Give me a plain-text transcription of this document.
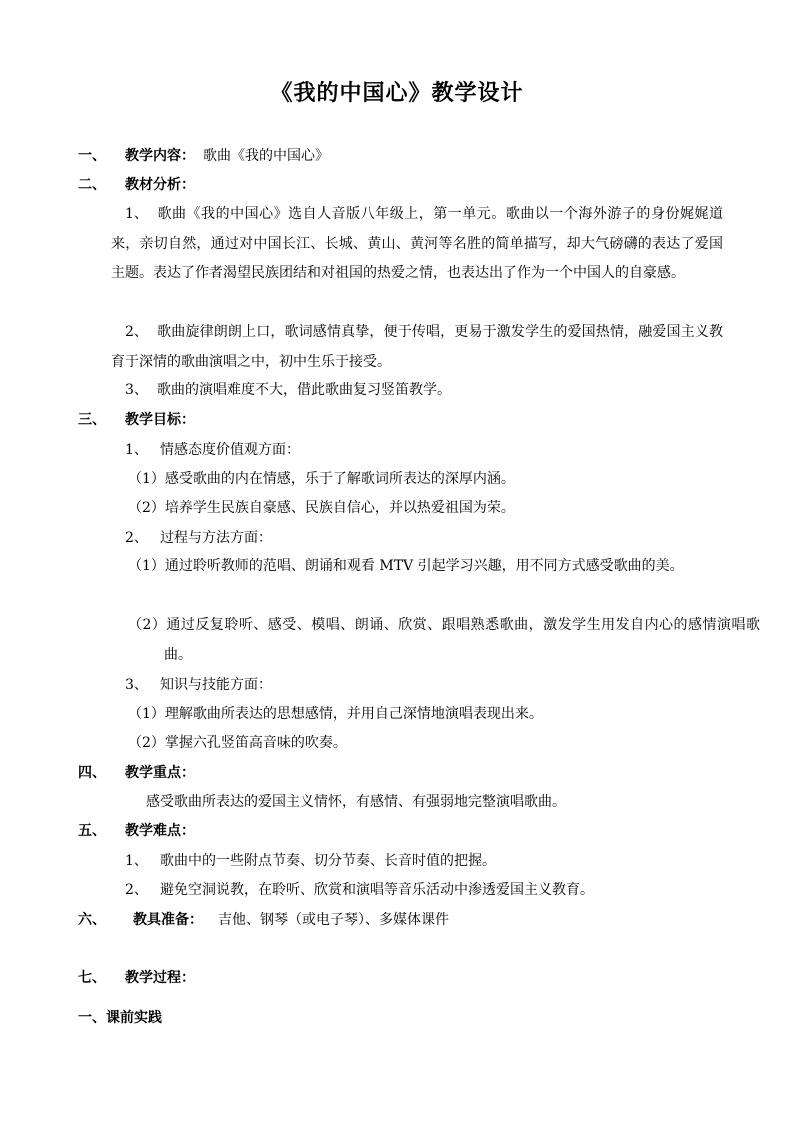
《我的中国心》教学设计
一、 教学内容： 歌曲《我的中国心》
二、 教材分析：
1、 歌曲《我的中国心》选自人音版八年级上，第一单元。歌曲以一个海外游子的身份娓娓道来，亲切自然，通过对中国长江、长城、黄山、黄河等名胜的简单描写，却大气磅礴的表达了爱国主题。表达了作者渴望民族团结和对祖国的热爱之情，也表达出了作为一个中国人的自豪感。
2、 歌曲旋律朗朗上口，歌词感情真挚，便于传唱，更易于激发学生的爱国热情，融爱国主义教育于深情的歌曲演唱之中，初中生乐于接受。
3、 歌曲的演唱难度不大，借此歌曲复习竖笛教学。
三、 教学目标：
1、 情感态度价值观方面：
（1）感受歌曲的内在情感，乐于了解歌词所表达的深厚内涵。
（2）培养学生民族自豪感、民族自信心，并以热爱祖国为荣。
2、 过程与方法方面：
（1）通过聆听教师的范唱、朗诵和观看 MTV 引起学习兴趣，用不同方式感受歌曲的美。
（2）通过反复聆听、感受、模唱、朗诵、欣赏、跟唱熟悉歌曲，激发学生用发自内心的感情演唱歌曲。
3、 知识与技能方面：
（1）理解歌曲所表达的思想感情，并用自己深情地演唱表现出来。
（2）掌握六孔竖笛高音味的吹奏。
四、 教学重点：
感受歌曲所表达的爱国主义情怀，有感情、有强弱地完整演唱歌曲。
五、 教学难点：
1、 歌曲中的一些附点节奏、切分节奏、长音时值的把握。
2、 避免空洞说教，在聆听、欣赏和演唱等音乐活动中渗透爱国主义教育。
六、 教具准备： 吉他、钢琴（或电子琴）、多媒体课件
七、 教学过程：
一、课前实践
